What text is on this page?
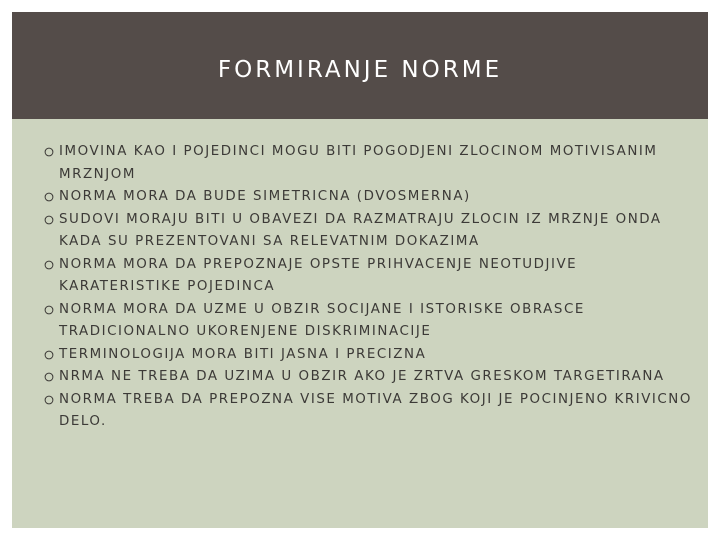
FORMIRANJE NORME
IMOVINA KAO I POJEDINCI MOGU BITI POGODJENI ZLOCINOM MOTIVISANIM MRZNJOM
NORMA MORA DA BUDE SIMETRICNA (DVOSMERNA)
SUDOVI MORAJU BITI U OBAVEZI DA RAZMATRAJU ZLOCIN IZ MRZNJE ONDA KADA SU PREZENTOVANI SA RELEVATNIM DOKAZIMA
NORMA MORA DA PREPOZNAJE OPSTE PRIHVACENJE NEOTUDJIVE KARATERISTIKE POJEDINCA
NORMA MORA DA UZME U OBZIR SOCIJANE I ISTORISKE OBRASCE TRADICIONALNO UKORENJENE DISKRIMINACIJE
TERMINOLOGIJA MORA BITI JASNA I PRECIZNA
NRMA NE TREBA DA UZIMA U OBZIR AKO JE ZRTVA GRESKOM TARGETIRANA
NORMA TREBA DA PREPOZNA VISE MOTIVA ZBOG KOJI JE POCINJENO KRIVICNO DELO.
